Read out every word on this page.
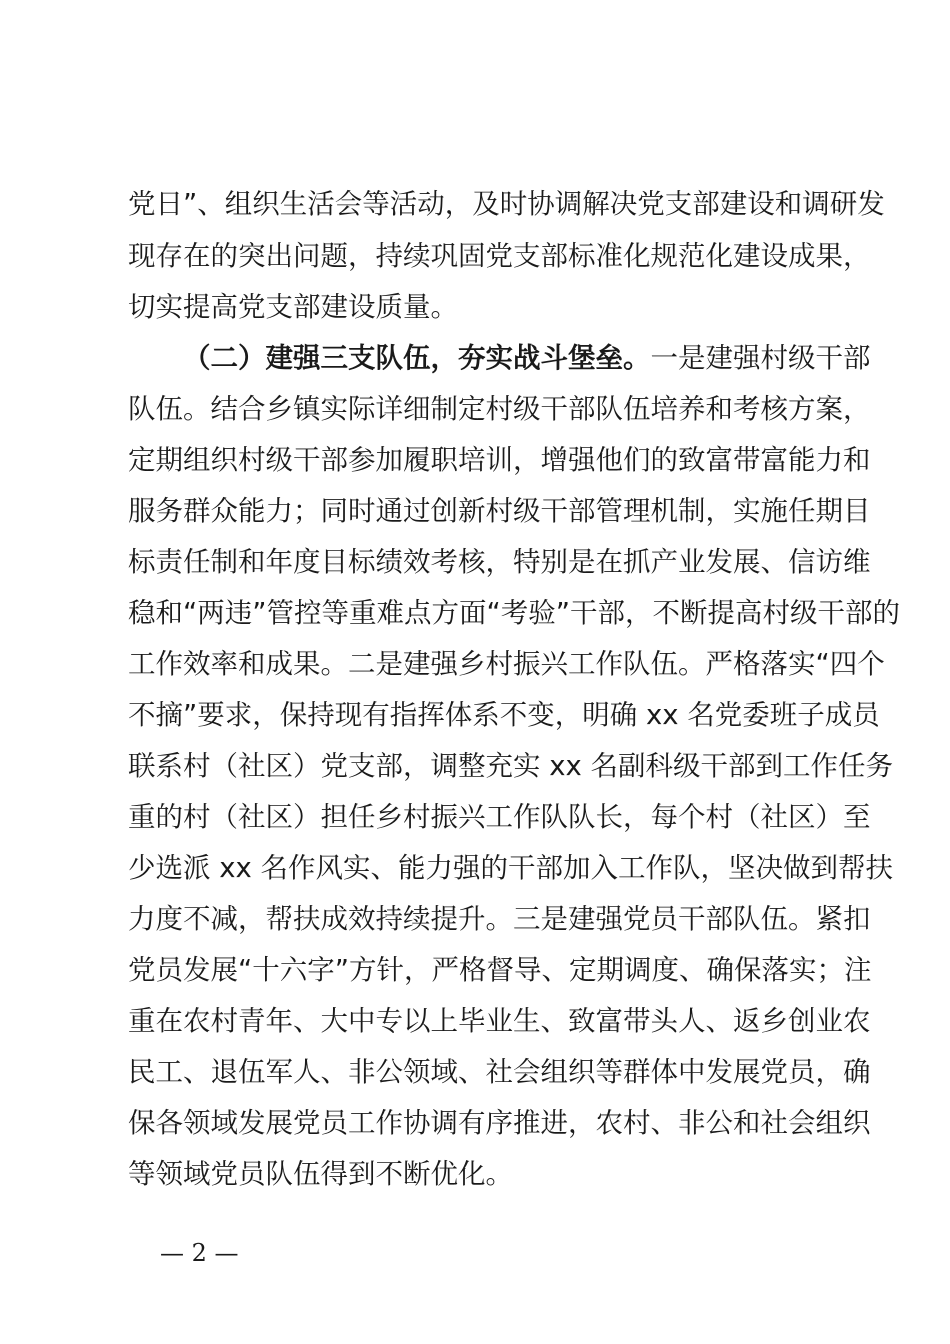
党日”、组织生活会等活动，及时协调解决党支部建设和调研发
现存在的突出问题，持续巩固党支部标准化规范化建设成果，
切实提高党支部建设质量。
（二）建强三支队伍，夯实战斗堡垒。一是建强村级干部
队伍。结合乡镇实际详细制定村级干部队伍培养和考核方案，
定期组织村级干部参加履职培训，增强他们的致富带富能力和
服务群众能力；同时通过创新村级干部管理机制，实施任期目
标责任制和年度目标绩效考核，特别是在抓产业发展、信访维
稳和“两违”管控等重难点方面“考验”干部，不断提高村级干部的
工作效率和成果。二是建强乡村振兴工作队伍。严格落实“四个
不摘”要求，保持现有指挥体系不变，明确 xx 名党委班子成员
联系村（社区）党支部，调整充实 xx 名副科级干部到工作任务
重的村（社区）担任乡村振兴工作队队长，每个村（社区）至
少选派 xx 名作风实、能力强的干部加入工作队，坚决做到帮扶
力度不减，帮扶成效持续提升。三是建强党员干部队伍。紧扣
党员发展“十六字”方针，严格督导、定期调度、确保落实；注
重在农村青年、大中专以上毕业生、致富带头人、返乡创业农
民工、退伍军人、非公领域、社会组织等群体中发展党员，确
保各领域发展党员工作协调有序推进，农村、非公和社会组织
等领域党员队伍得到不断优化。
— 2 —
